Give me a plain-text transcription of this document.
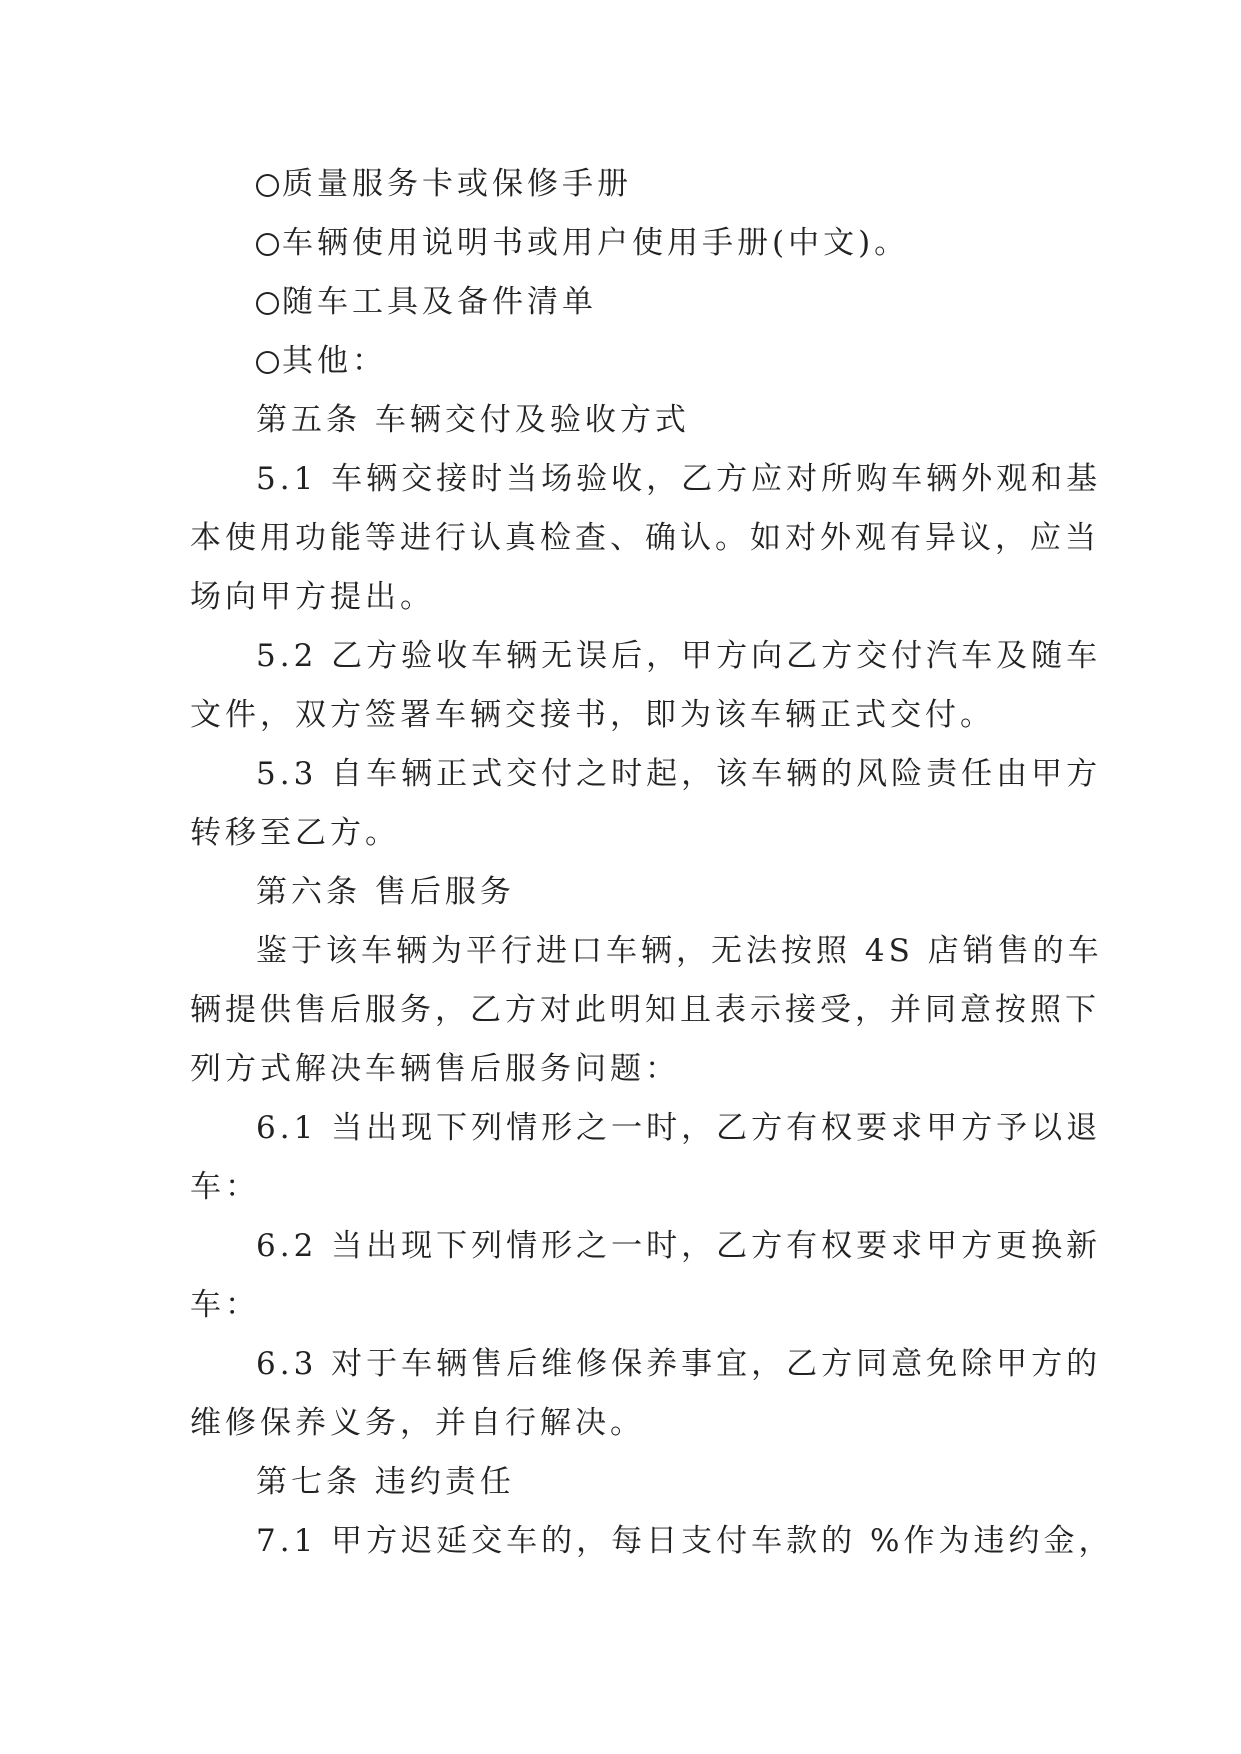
质量服务卡或保修手册
车辆使用说明书或用户使用手册(中文)。
随车工具及备件清单
其他：
第五条 车辆交付及验收方式
5.1 车辆交接时当场验收，乙方应对所购车辆外观和基
本使用功能等进行认真检查、确认。如对外观有异议，应当
场向甲方提出。
5.2 乙方验收车辆无误后，甲方向乙方交付汽车及随车
文件，双方签署车辆交接书，即为该车辆正式交付。
5.3 自车辆正式交付之时起，该车辆的风险责任由甲方
转移至乙方。
第六条 售后服务
鉴于该车辆为平行进口车辆，无法按照 4S 店销售的车
辆提供售后服务，乙方对此明知且表示接受，并同意按照下
列方式解决车辆售后服务问题：
6.1 当出现下列情形之一时，乙方有权要求甲方予以退
车：
6.2 当出现下列情形之一时，乙方有权要求甲方更换新
车：
6.3 对于车辆售后维修保养事宜，乙方同意免除甲方的
维修保养义务，并自行解决。
第七条 违约责任
7.1 甲方迟延交车的，每日支付车款的 %作为违约金，
